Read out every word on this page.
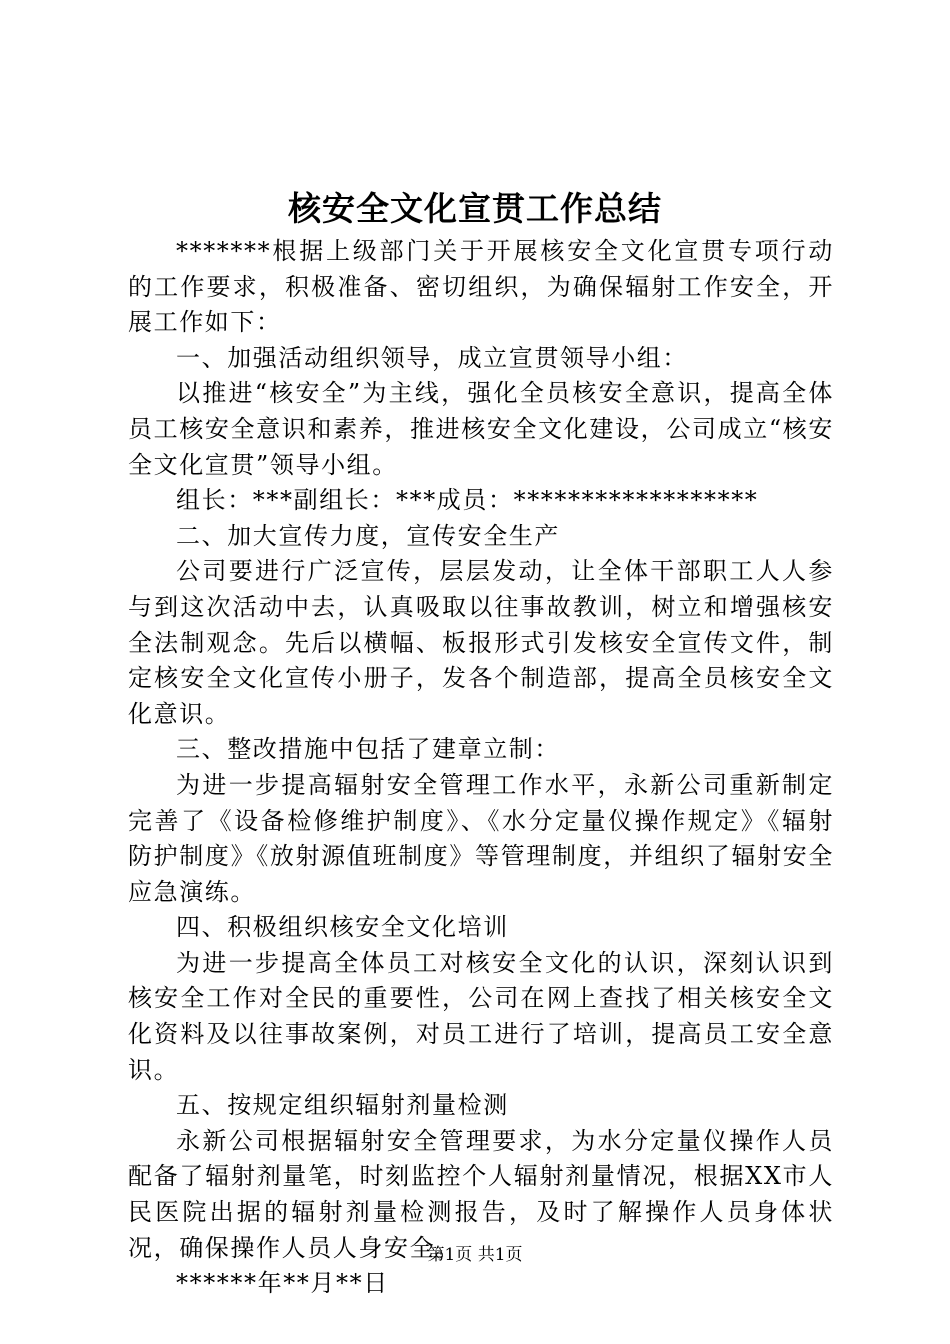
核安全文化宣贯工作总结

*******根据上级部门关于开展核安全文化宣贯专项行动的工作要求，积极准备、密切组织，为确保辐射工作安全，开展工作如下：

一、加强活动组织领导，成立宣贯领导小组：

以推进“核安全”为主线，强化全员核安全意识，提高全体员工核安全意识和素养，推进核安全文化建设，公司成立“核安全文化宣贯”领导小组。

组长：***副组长：***成员：******************

二、加大宣传力度，宣传安全生产

公司要进行广泛宣传，层层发动，让全体干部职工人人参与到这次活动中去，认真吸取以往事故教训，树立和增强核安全法制观念。先后以横幅、板报形式引发核安全宣传文件，制定核安全文化宣传小册子，发各个制造部，提高全员核安全文化意识。

三、整改措施中包括了建章立制：

为进一步提高辐射安全管理工作水平，永新公司重新制定完善了《设备检修维护制度》、《水分定量仪操作规定》《辐射防护制度》《放射源值班制度》等管理制度，并组织了辐射安全应急演练。

四、积极组织核安全文化培训

为进一步提高全体员工对核安全文化的认识，深刻认识到核安全工作对全民的重要性，公司在网上查找了相关核安全文化资料及以往事故案例，对员工进行了培训，提高员工安全意识。

五、按规定组织辐射剂量检测

永新公司根据辐射安全管理要求，为水分定量仪操作人员配备了辐射剂量笔，时刻监控个人辐射剂量情况，根据XX市人民医院出据的辐射剂量检测报告，及时了解操作人员身体状况，确保操作人员人身安全。

******年**月**日

第1页 共1页
